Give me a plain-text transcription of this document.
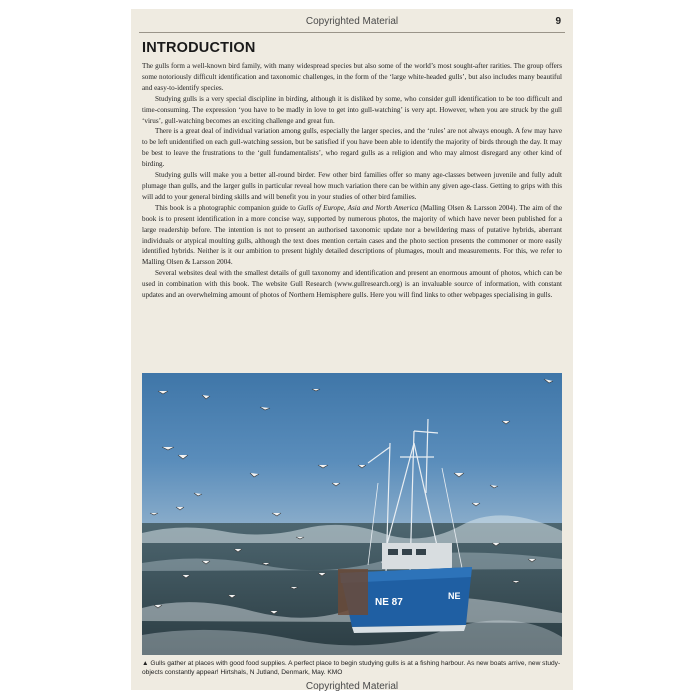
Copyrighted Material	9
INTRODUCTION

The gulls form a well-known bird family, with many widespread species but also some of the world’s most sought-after rarities. The group offers some notoriously difficult identification and taxonomic challenges, in the form of the ‘large white-headed gulls’, but also includes many beautiful and easy-to-identify species.

Studying gulls is a very special discipline in birding, although it is disliked by some, who consider gull identification to be too difficult and time-consuming. The expression ‘you have to be madly in love to get into gull-watching’ is very apt. However, when you are struck by the gull ‘virus’, gull-watching becomes an exciting challenge and great fun.

There is a great deal of individual variation among gulls, especially the larger species, and the ‘rules’ are not always enough. A few may have to be left unidentified on each gull-watching session, but be satisfied if you have been able to identify the majority of birds through the day. It may be best to leave the frustrations to the ‘gull fundamentalists’, who regard gulls as a religion and who may almost disregard any other kind of birding.

Studying gulls will make you a better all-round birder. Few other bird families offer so many age-classes between juvenile and fully adult plumage than gulls, and the larger gulls in particular reveal how much variation there can be within any given age-class. Getting to grips with this will add to your general birding skills and will benefit you in your studies of other bird families.

This book is a photographic companion guide to Gulls of Europe, Asia and North America (Malling Olsen & Larsson 2004). The aim of the book is to present identification in a more concise way, supported by numerous photos, the majority of which have never been published for a large readership before. The intention is not to present an authorised taxonomic update nor a bewildering mass of putative hybrids, aberrant individuals or atypical moulting gulls, although the text does mention certain cases and the photo section presents the commoner or more easily identified hybrids. Neither is it our ambition to present highly detailed descriptions of plumages, moult and measurements. For this, we refer to Malling Olsen & Larsson 2004.

Several websites deal with the smallest details of gull taxonomy and identification and present an enormous amount of photos, which can be used in combination with this book. The website Gull Research (www.gullresearch.org) is an invaluable source of information, with constant updates and an overwhelming amount of photos of Northern Hemisphere gulls. Here you will find links to other webpages specialising in gulls.

NE 87
NE
▲ Gulls gather at places with good food supplies. A perfect place to begin studying gulls is at a fishing harbour. As new boats arrive, new study-objects constantly appear! Hirtshals, N Jutland, Denmark, May. KMO
Copyrighted Material
